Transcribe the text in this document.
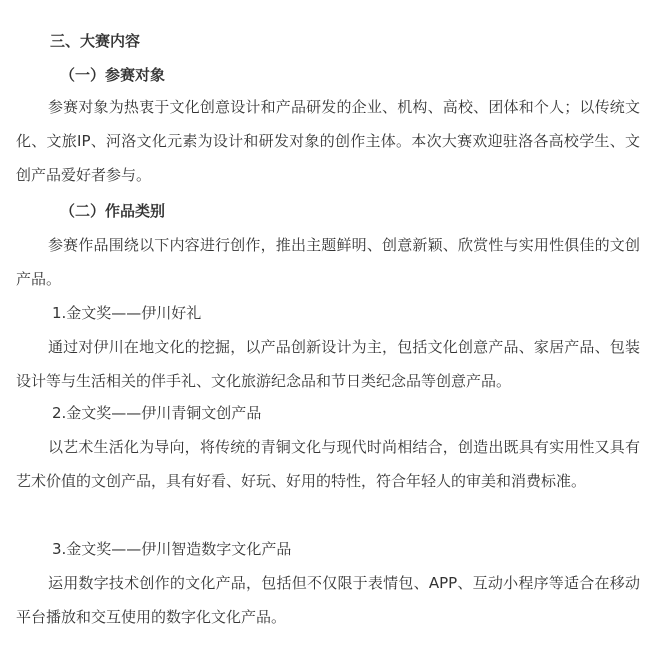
三、大赛内容
（一）参赛对象

参赛对象为热衷于文化创意设计和产品研发的企业、机构、高校、团体和个人；以传统文化、文旅IP、河洛文化元素为设计和研发对象的创作主体。本次大赛欢迎驻洛各高校学生、文创产品爱好者参与。

（二）作品类别

参赛作品围绕以下内容进行创作，推出主题鲜明、创意新颖、欣赏性与实用性俱佳的文创产品。

1.金文奖——伊川好礼

通过对伊川在地文化的挖掘，以产品创新设计为主，包括文化创意产品、家居产品、包装设计等与生活相关的伴手礼、文化旅游纪念品和节日类纪念品等创意产品。

2.金文奖——伊川青铜文创产品

以艺术生活化为导向，将传统的青铜文化与现代时尚相结合，创造出既具有实用性又具有艺术价值的文创产品，具有好看、好玩、好用的特性，符合年轻人的审美和消费标准。

3.金文奖——伊川智造数字文化产品

运用数字技术创作的文化产品，包括但不仅限于表情包、APP、互动小程序等适合在移动平台播放和交互使用的数字化文化产品。
